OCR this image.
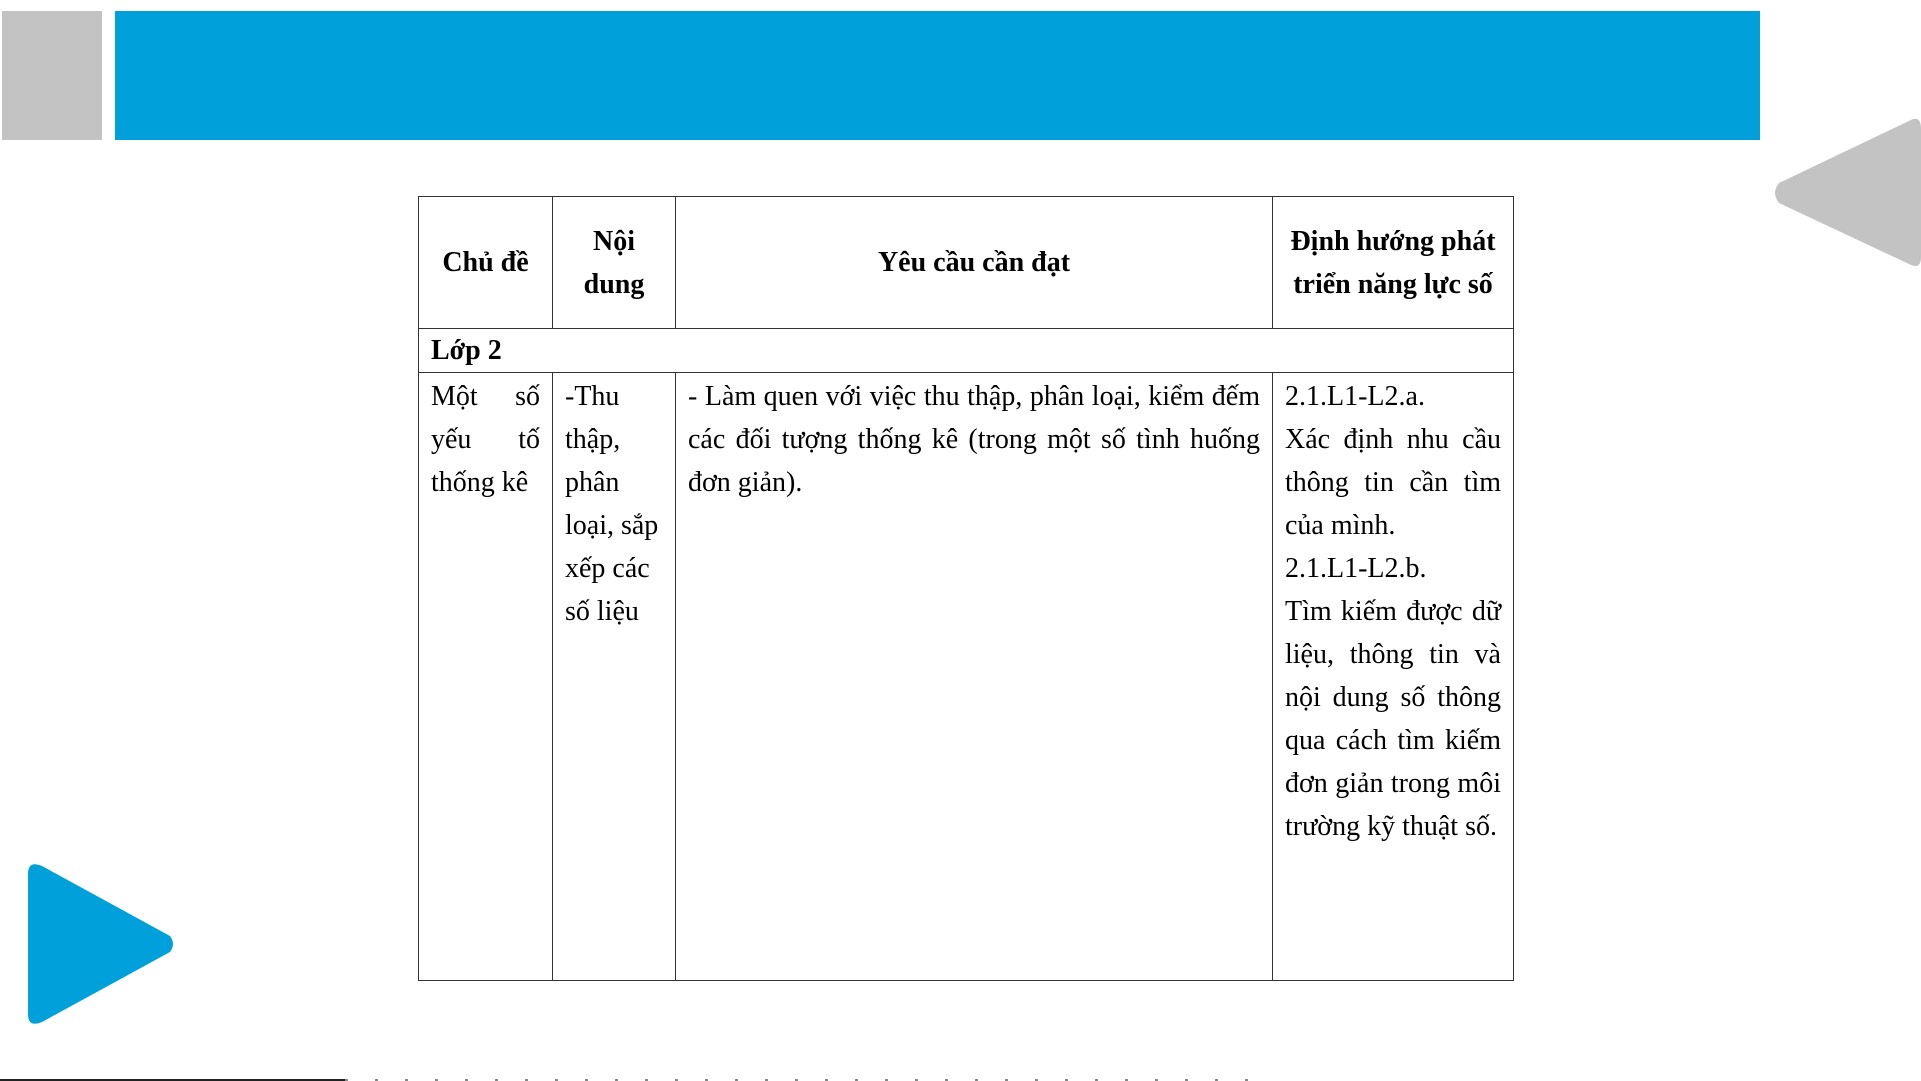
Chủ đề	Nội dung	Yêu cầu cần đạt	Định hướng phát triển năng lực số
Lớp 2			
Một số yếu tố thống kê	-Thu thập, phân loại, sắp xếp các số liệu	- Làm quen với việc thu thập, phân loại, kiểm đếm các đối tượng thống kê (trong một số tình huống đơn giản).	2.1.L1-L2.a.
Xác định nhu cầu thông tin cần tìm của mình.
2.1.L1-L2.b.
Tìm kiếm được dữ liệu, thông tin và nội dung số thông qua cách tìm kiếm đơn giản trong môi trường kỹ thuật số.
